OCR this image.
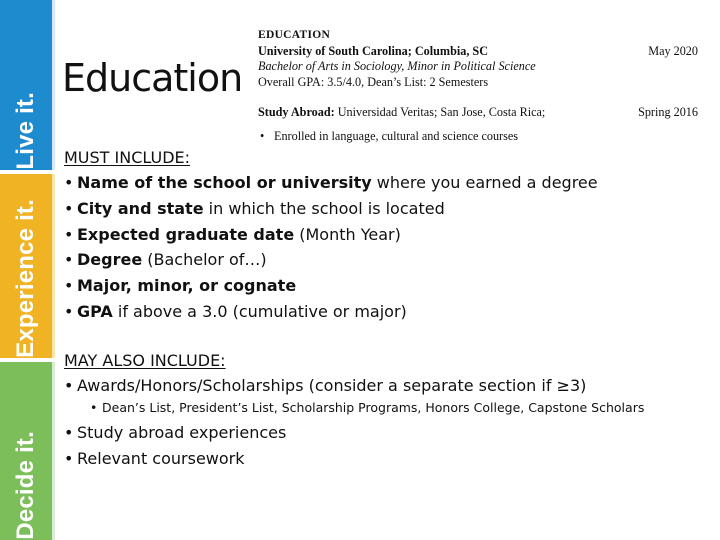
Live it.
Experience it.
Decide it.
Education
EDUCATION
University of South Carolina; Columbia, SC	May 2020
Bachelor of Arts in Sociology, Minor in Political Science
Overall GPA: 3.5/4.0, Dean’s List: 2 Semesters
Study Abroad: Universidad Veritas; San Jose, Costa Rica;	Spring 2016
• Enrolled in language, cultural and science courses
MUST INCLUDE:
• Name of the school or university where you earned a degree
• City and state in which the school is located
• Expected graduate date (Month Year)
• Degree (Bachelor of…)
• Major, minor, or cognate
• GPA if above a 3.0 (cumulative or major)
MAY ALSO INCLUDE:
• Awards/Honors/Scholarships (consider a separate section if ≥3)
• Dean’s List, President’s List, Scholarship Programs, Honors College, Capstone Scholars
• Study abroad experiences
• Relevant coursework
